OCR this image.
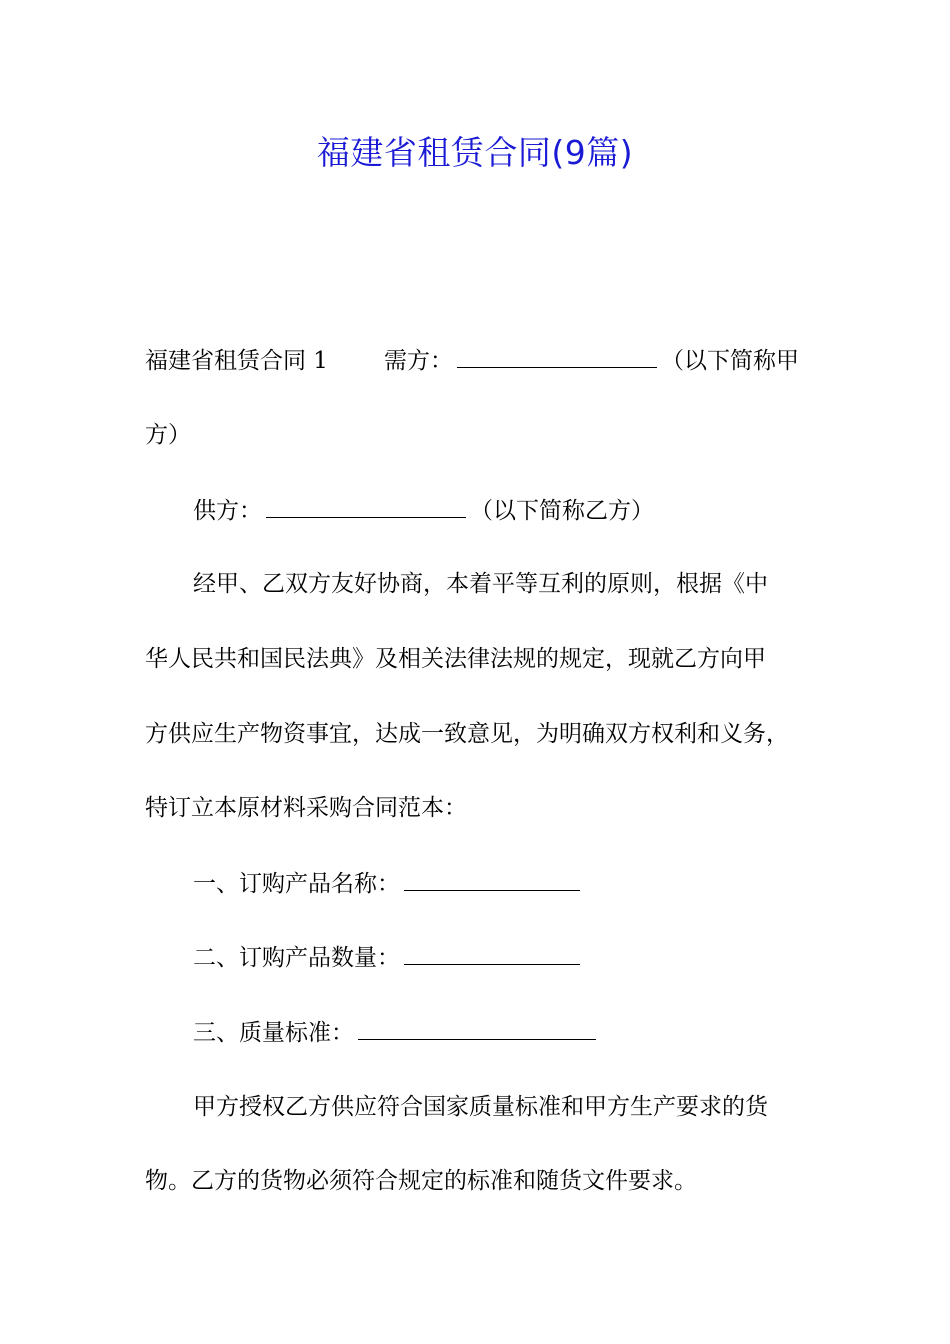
福建省租赁合同(9篇)
福建省租赁合同 1 需方：	（以下简称甲
方）
供方：	（以下简称乙方）
经甲、乙双方友好协商，本着平等互利的原则，根据《中
华人民共和国民法典》及相关法律法规的规定，现就乙方向甲
方供应生产物资事宜，达成一致意见，为明确双方权利和义务，
特订立本原材料采购合同范本：
一、订购产品名称：
二、订购产品数量：
三、质量标准：
甲方授权乙方供应符合国家质量标准和甲方生产要求的货
物。乙方的货物必须符合规定的标准和随货文件要求。
